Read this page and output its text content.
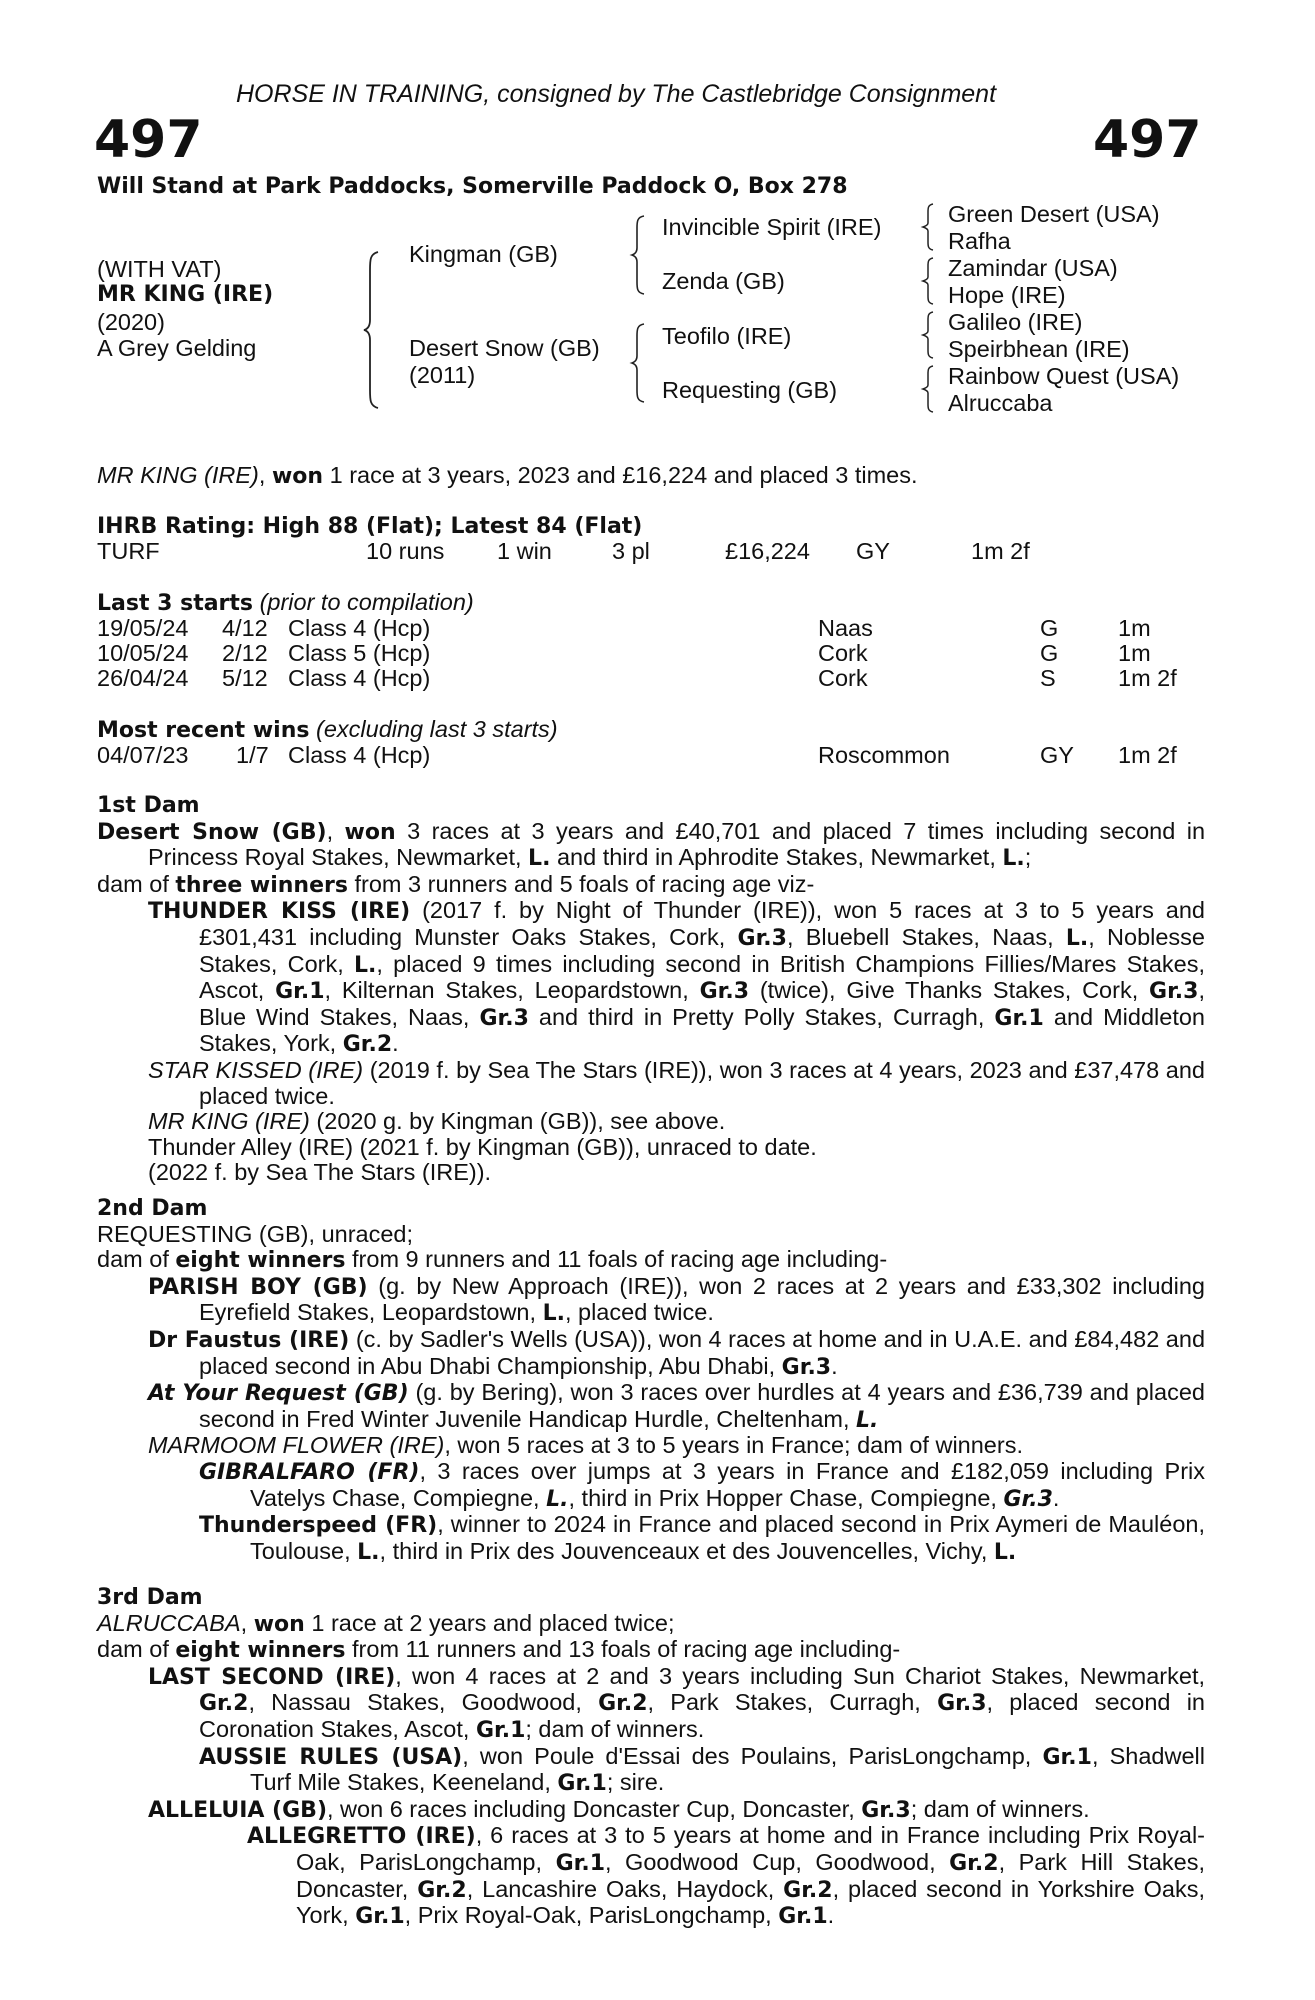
HORSE IN TRAINING, consigned by The Castlebridge Consignment
497	497
Will Stand at Park Paddocks, Somerville Paddock O, Box 278
(WITH VAT)
MR KING (IRE)
(2020)
A Grey Gelding
Kingman (GB)
Desert Snow (GB)
(2011)
Invincible Spirit (IRE)
Zenda (GB)
Teofilo (IRE)
Requesting (GB)
Green Desert (USA)
Rafha
Zamindar (USA)
Hope (IRE)
Galileo (IRE)
Speirbhean (IRE)
Rainbow Quest (USA)
Alruccaba
MR KING (IRE), won 1 race at 3 years, 2023 and £16,224 and placed 3 times.
IHRB Rating: High 88 (Flat); Latest 84 (Flat)
TURF	10 runs 1 win	3 pl	£16,224 GY	1m 2f
Last 3 starts (prior to compilation)
19/05/24 4/12 Class 4 (Hcp)	Naas	G	1m
10/05/24 2/12 Class 5 (Hcp)	Cork	G	1m
26/04/24 5/12 Class 4 (Hcp)	Cork	S	1m 2f
Most recent wins (excluding last 3 starts)
04/07/23 1/7 Class 4 (Hcp)	Roscommon	GY 1m 2f

1st Dam

Desert Snow (GB), won 3 races at 3 years and £40,701 and placed 7 times including second in Princess Royal Stakes, Newmarket, L. and third in Aphrodite Stakes, Newmarket, L.;

dam of three winners from 3 runners and 5 foals of racing age viz-

THUNDER KISS (IRE) (2017 f. by Night of Thunder (IRE)), won 5 races at 3 to 5 years and £301,431 including Munster Oaks Stakes, Cork, Gr.3, Bluebell Stakes, Naas, L., Noblesse Stakes, Cork, L., placed 9 times including second in British Champions Fillies/Mares Stakes, Ascot, Gr.1, Kilternan Stakes, Leopardstown, Gr.3 (twice), Give Thanks Stakes, Cork, Gr.3, Blue Wind Stakes, Naas, Gr.3 and third in Pretty Polly Stakes, Curragh, Gr.1 and Middleton Stakes, York, Gr.2.

STAR KISSED (IRE) (2019 f. by Sea The Stars (IRE)), won 3 races at 4 years, 2023 and £37,478 and placed twice.

MR KING (IRE) (2020 g. by Kingman (GB)), see above.

Thunder Alley (IRE) (2021 f. by Kingman (GB)), unraced to date.

(2022 f. by Sea The Stars (IRE)).

2nd Dam

REQUESTING (GB), unraced;

dam of eight winners from 9 runners and 11 foals of racing age including-

PARISH BOY (GB) (g. by New Approach (IRE)), won 2 races at 2 years and £33,302 including Eyrefield Stakes, Leopardstown, L., placed twice.

Dr Faustus (IRE) (c. by Sadler's Wells (USA)), won 4 races at home and in U.A.E. and £84,482 and placed second in Abu Dhabi Championship, Abu Dhabi, Gr.3.

At Your Request (GB) (g. by Bering), won 3 races over hurdles at 4 years and £36,739 and placed second in Fred Winter Juvenile Handicap Hurdle, Cheltenham, L.

MARMOOM FLOWER (IRE), won 5 races at 3 to 5 years in France; dam of winners.

GIBRALFARO (FR), 3 races over jumps at 3 years in France and £182,059 including Prix Vatelys Chase, Compiegne, L., third in Prix Hopper Chase, Compiegne, Gr.3.

Thunderspeed (FR), winner to 2024 in France and placed second in Prix Aymeri de Mauléon, Toulouse, L., third in Prix des Jouvenceaux et des Jouvencelles, Vichy, L.

3rd Dam

ALRUCCABA, won 1 race at 2 years and placed twice;

dam of eight winners from 11 runners and 13 foals of racing age including-

LAST SECOND (IRE), won 4 races at 2 and 3 years including Sun Chariot Stakes, Newmarket, Gr.2, Nassau Stakes, Goodwood, Gr.2, Park Stakes, Curragh, Gr.3, placed second in Coronation Stakes, Ascot, Gr.1; dam of winners.

AUSSIE RULES (USA), won Poule d'Essai des Poulains, ParisLongchamp, Gr.1, Shadwell Turf Mile Stakes, Keeneland, Gr.1; sire.

ALLELUIA (GB), won 6 races including Doncaster Cup, Doncaster, Gr.3; dam of winners.

ALLEGRETTO (IRE), 6 races at 3 to 5 years at home and in France including Prix Royal-Oak, ParisLongchamp, Gr.1, Goodwood Cup, Goodwood, Gr.2, Park Hill Stakes, Doncaster, Gr.2, Lancashire Oaks, Haydock, Gr.2, placed second in Yorkshire Oaks, York, Gr.1, Prix Royal-Oak, ParisLongchamp, Gr.1.
